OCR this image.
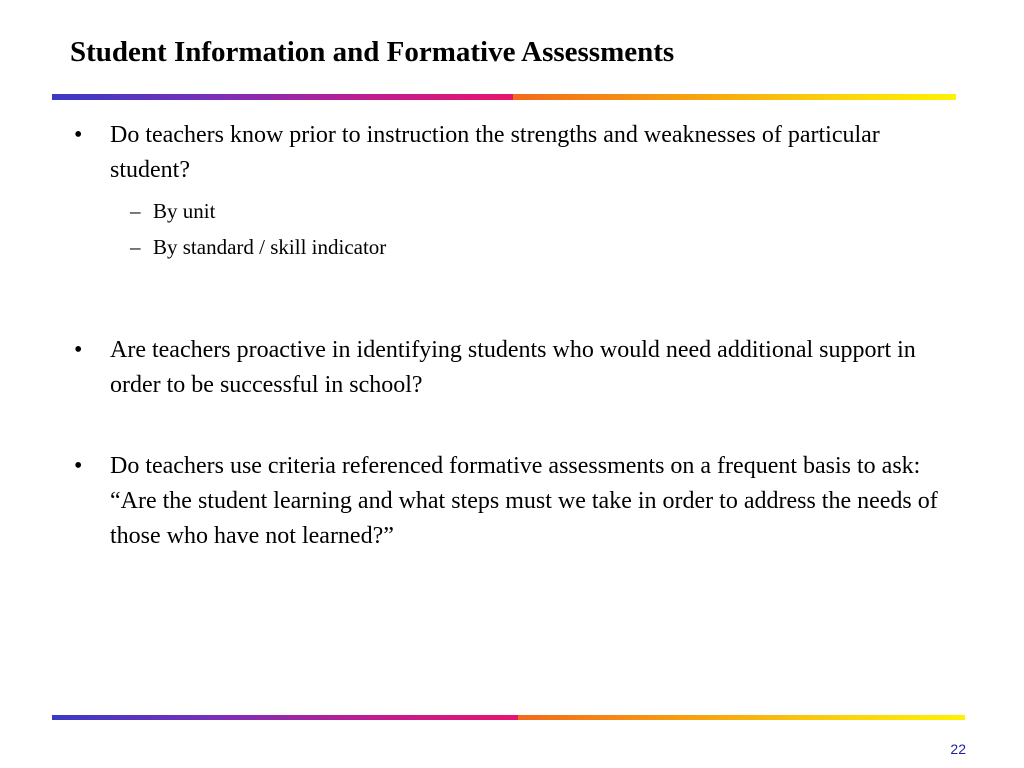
Student Information and Formative Assessments
• Do teachers know prior to instruction the strengths and weaknesses of particular student?
– By unit
– By standard / skill indicator
• Are teachers proactive in identifying students who would need additional support in order to be successful in school?
• Do teachers use criteria referenced formative assessments on a frequent basis to ask: “Are the student learning and what steps must we take in order to address the needs of those who have not learned?”
22
